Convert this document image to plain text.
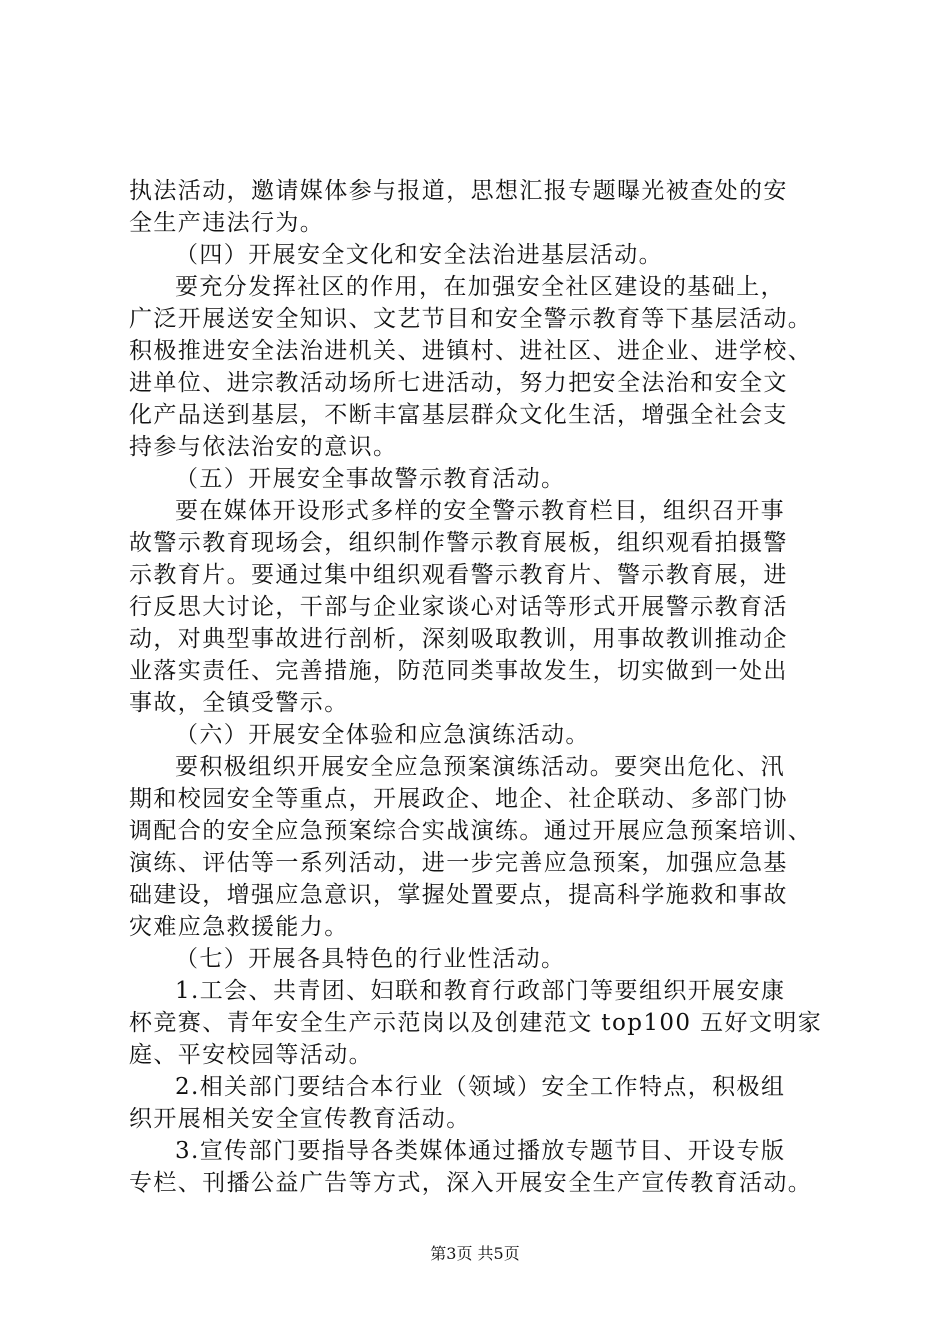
执法活动，邀请媒体参与报道，思想汇报专题曝光被查处的安
全生产违法行为。
（四）开展安全文化和安全法治进基层活动。
要充分发挥社区的作用，在加强安全社区建设的基础上，
广泛开展送安全知识、文艺节目和安全警示教育等下基层活动。
积极推进安全法治进机关、进镇村、进社区、进企业、进学校、
进单位、进宗教活动场所七进活动，努力把安全法治和安全文
化产品送到基层，不断丰富基层群众文化生活，增强全社会支
持参与依法治安的意识。
（五）开展安全事故警示教育活动。
要在媒体开设形式多样的安全警示教育栏目，组织召开事
故警示教育现场会，组织制作警示教育展板，组织观看拍摄警
示教育片。要通过集中组织观看警示教育片、警示教育展，进
行反思大讨论，干部与企业家谈心对话等形式开展警示教育活
动，对典型事故进行剖析，深刻吸取教训，用事故教训推动企
业落实责任、完善措施，防范同类事故发生，切实做到一处出
事故，全镇受警示。
（六）开展安全体验和应急演练活动。
要积极组织开展安全应急预案演练活动。要突出危化、汛
期和校园安全等重点，开展政企、地企、社企联动、多部门协
调配合的安全应急预案综合实战演练。通过开展应急预案培训、
演练、评估等一系列活动，进一步完善应急预案，加强应急基
础建设，增强应急意识，掌握处置要点，提高科学施救和事故
灾难应急救援能力。
（七）开展各具特色的行业性活动。
1.工会、共青团、妇联和教育行政部门等要组织开展安康
杯竞赛、青年安全生产示范岗以及创建范文 top100 五好文明家
庭、平安校园等活动。
2.相关部门要结合本行业（领域）安全工作特点，积极组
织开展相关安全宣传教育活动。
3.宣传部门要指导各类媒体通过播放专题节目、开设专版
专栏、刊播公益广告等方式，深入开展安全生产宣传教育活动。
第3页 共5页
